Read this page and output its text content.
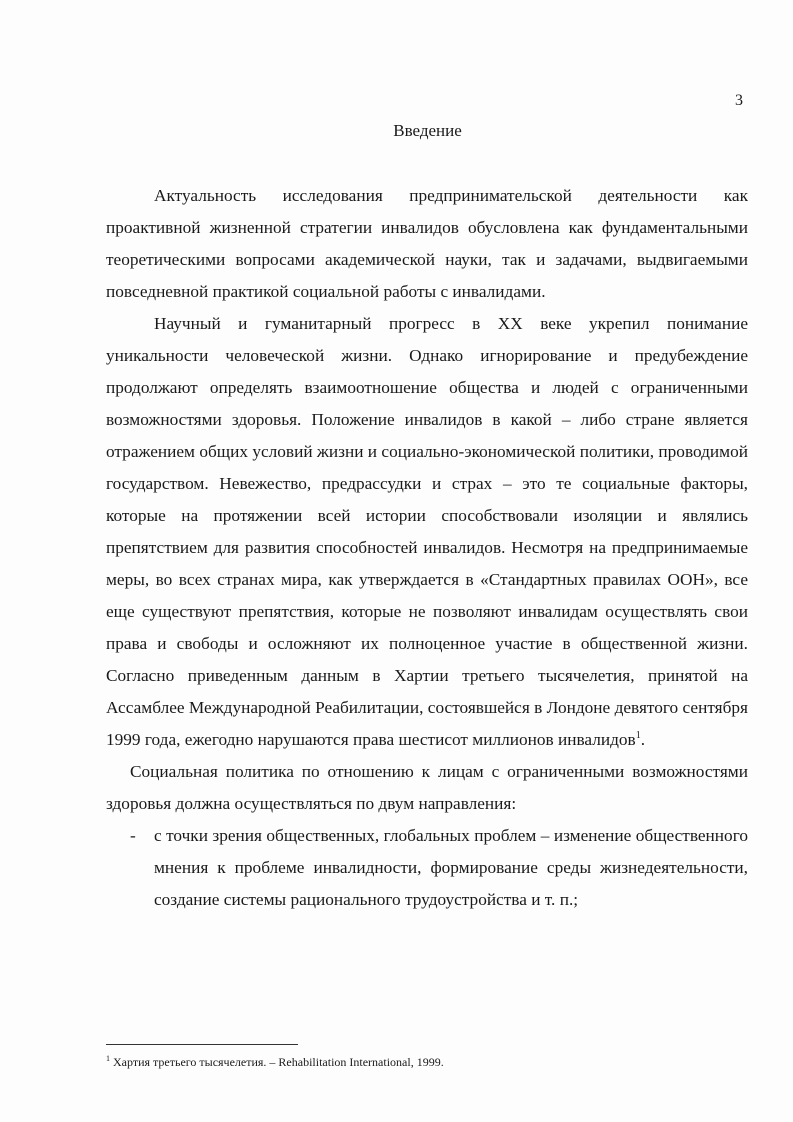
3
Введение

Актуальность исследования предпринимательской деятельности как проактивной жизненной стратегии инвалидов обусловлена как фундаментальными теоретическими вопросами академической науки, так и задачами, выдвигаемыми повседневной практикой социальной работы с инвалидами.

Научный и гуманитарный прогресс в XX веке укрепил понимание уникальности человеческой жизни. Однако игнорирование и предубеждение продолжают определять взаимоотношение общества и людей с ограниченными возможностями здоровья. Положение инвалидов в какой – либо стране является отражением общих условий жизни и социально-экономической политики, проводимой государством. Невежество, предрассудки и страх – это те социальные факторы, которые на протяжении всей истории способствовали изоляции и являлись препятствием для развития способностей инвалидов. Несмотря на предпринимаемые меры, во всех странах мира, как утверждается в «Стандартных правилах ООН», все еще существуют препятствия, которые не позволяют инвалидам осуществлять свои права и свободы и осложняют их полноценное участие в общественной жизни. Согласно приведенным данным в Хартии третьего тысячелетия, принятой на Ассамблее Международной Реабилитации, состоявшейся в Лондоне девятого сентября 1999 года, ежегодно нарушаются права шестисот миллионов инвалидов$^1$.

Социальная политика по отношению к лицам с ограниченными возможностями здоровья должна осуществляться по двум направления:

- с точки зрения общественных, глобальных проблем – изменение общественного мнения к проблеме инвалидности, формирование среды жизнедеятельности, создание системы рационального трудоустройства и т. п.;
$^1$ Хартия третьего тысячелетия. – Rehabilitation International, 1999.
